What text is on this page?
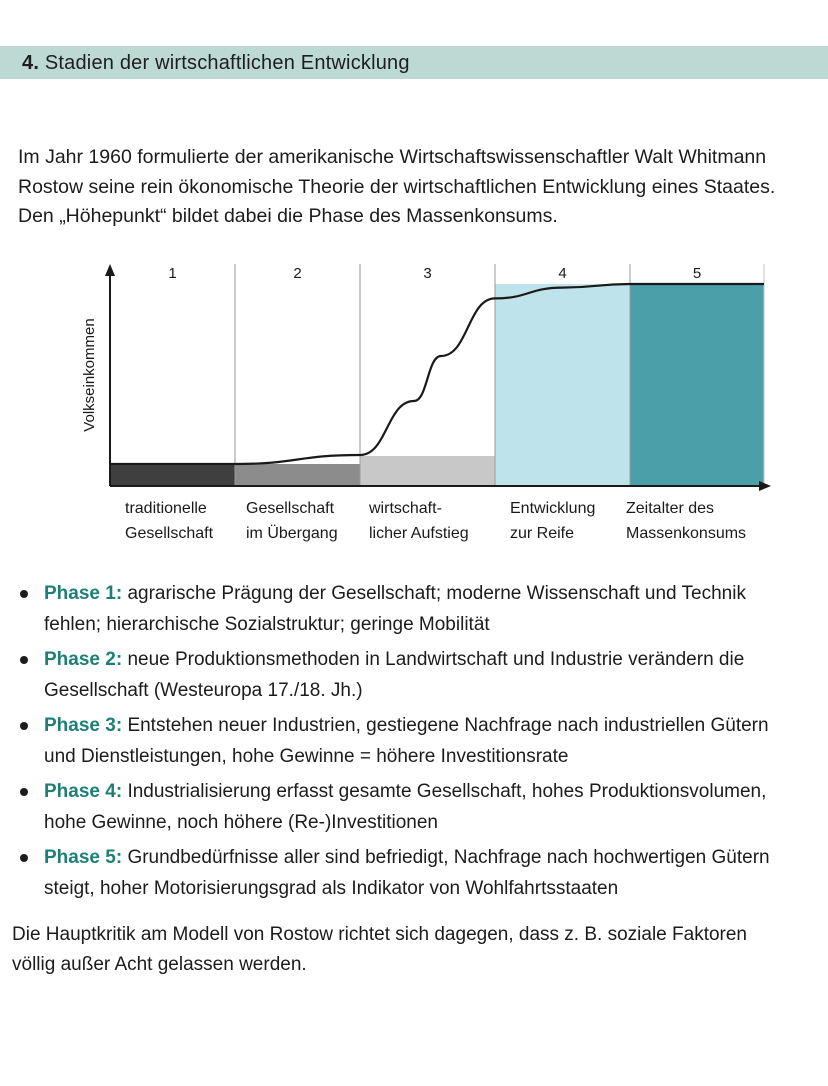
4. Stadien der wirtschaftlichen Entwicklung

Im Jahr 1960 formulierte der amerikanische Wirtschaftswissenschaftler Walt Whitmann
Rostow seine rein ökonomische Theorie der wirtschaftlichen Entwicklung eines Staates.
Den „Höhepunkt“ bildet dabei die Phase des Massenkonsums.

Volkseinkommen
1
traditionelle
Gesellschaft
2
Gesellschaft
im Übergang
3
wirtschaft-
licher Aufstieg
4
Entwicklung
zur Reife
5
Zeitalter des
Massenkonsums
Phase 1: agrarische Prägung der Gesellschaft; moderne Wissenschaft und Technik
fehlen; hierarchische Sozialstruktur; geringe Mobilität
Phase 2: neue Produktionsmethoden in Landwirtschaft und Industrie verändern die
Gesellschaft (Westeuropa 17./18. Jh.)
Phase 3: Entstehen neuer Industrien, gestiegene Nachfrage nach industriellen Gütern
und Dienstleistungen, hohe Gewinne = höhere Investitionsrate
Phase 4: Industrialisierung erfasst gesamte Gesellschaft, hohes Produktionsvolumen,
hohe Gewinne, noch höhere (Re-)Investitionen
Phase 5: Grundbedürfnisse aller sind befriedigt, Nachfrage nach hochwertigen Gütern
steigt, hoher Motorisierungsgrad als Indikator von Wohlfahrtsstaaten

Die Hauptkritik am Modell von Rostow richtet sich dagegen, dass z. B. soziale Faktoren
völlig außer Acht gelassen werden.
